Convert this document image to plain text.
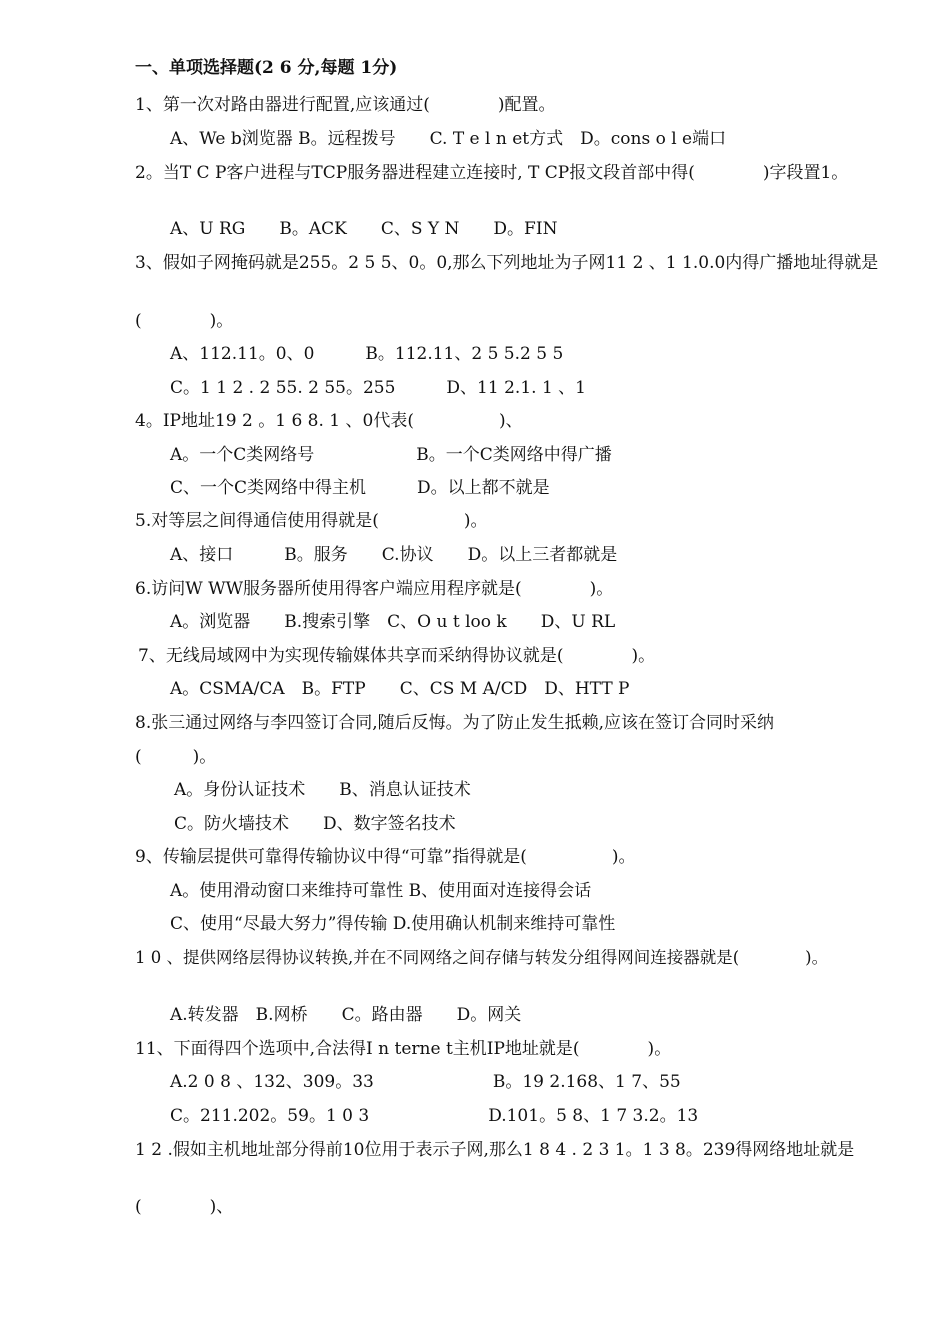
一、单项选择题(2 6 分,每题 1分)
1、第一次对路由器进行配置,应该通过(　　　　)配置。
A、We b浏览器 B。远程拨号　　C. T e l n et方式　D。cons o l e端口
2。当T C P客户进程与TCP服务器进程建立连接时, T CP报文段首部中得(　　　　)字段置1。
A、U RG　　B。ACK　　C、S Y N　　D。FIN
3、假如子网掩码就是255。2 5 5、0。0,那么下列地址为子网11 2 、1 1.0.0内得广播地址得就是
(　　　　)。
A、112.11。0、0　　　B。112.11、2 5 5.2 5 5
C。1 1 2 . 2 55. 2 55。255　　　D、11 2.1. 1 、1
4。IP地址19 2 。1 6 8. 1 、0代表(　　　　　)、
A。一个C类网络号　　　　　　B。一个C类网络中得广播
C、一个C类网络中得主机　　　D。以上都不就是
5.对等层之间得通信使用得就是(　　　　　)。
A、接口　　　B。服务　　C.协议　　D。以上三者都就是
6.访问W WW服务器所使用得客户端应用程序就是(　　　　)。
A。浏览器　　B.搜索引擎　C、O u t loo k　　D、U RL
7、无线局域网中为实现传输媒体共享而采纳得协议就是(　　　　)。
A。CSMA/CA　B。FTP　　C、CS M A/CD　D、HTT P
8.张三通过网络与李四签订合同,随后反悔。为了防止发生抵赖,应该在签订合同时采纳
(　　　)。
A。身份认证技术　　B、消息认证技术
C。防火墙技术　　D、数字签名技术
9、传输层提供可靠得传输协议中得“可靠”指得就是(　　　　　)。
A。使用滑动窗口来维持可靠性 B、使用面对连接得会话
C、使用“尽最大努力”得传输 D.使用确认机制来维持可靠性
1 0 、提供网络层得协议转换,并在不同网络之间存储与转发分组得网间连接器就是(　　　　)。
A.转发器　B.网桥　　C。路由器　　D。网关
11、下面得四个选项中,合法得I n terne t主机IP地址就是(　　　　)。
A.2 0 8 、132、309。33　　　　　　　B。19 2.168、1 7、55
C。211.202。59。1 0 3　　　　　　　D.101。5 8、1 7 3.2。13
1 2 .假如主机地址部分得前10位用于表示子网,那么1 8 4 . 2 3 1。1 3 8。239得网络地址就是
(　　　　)、
